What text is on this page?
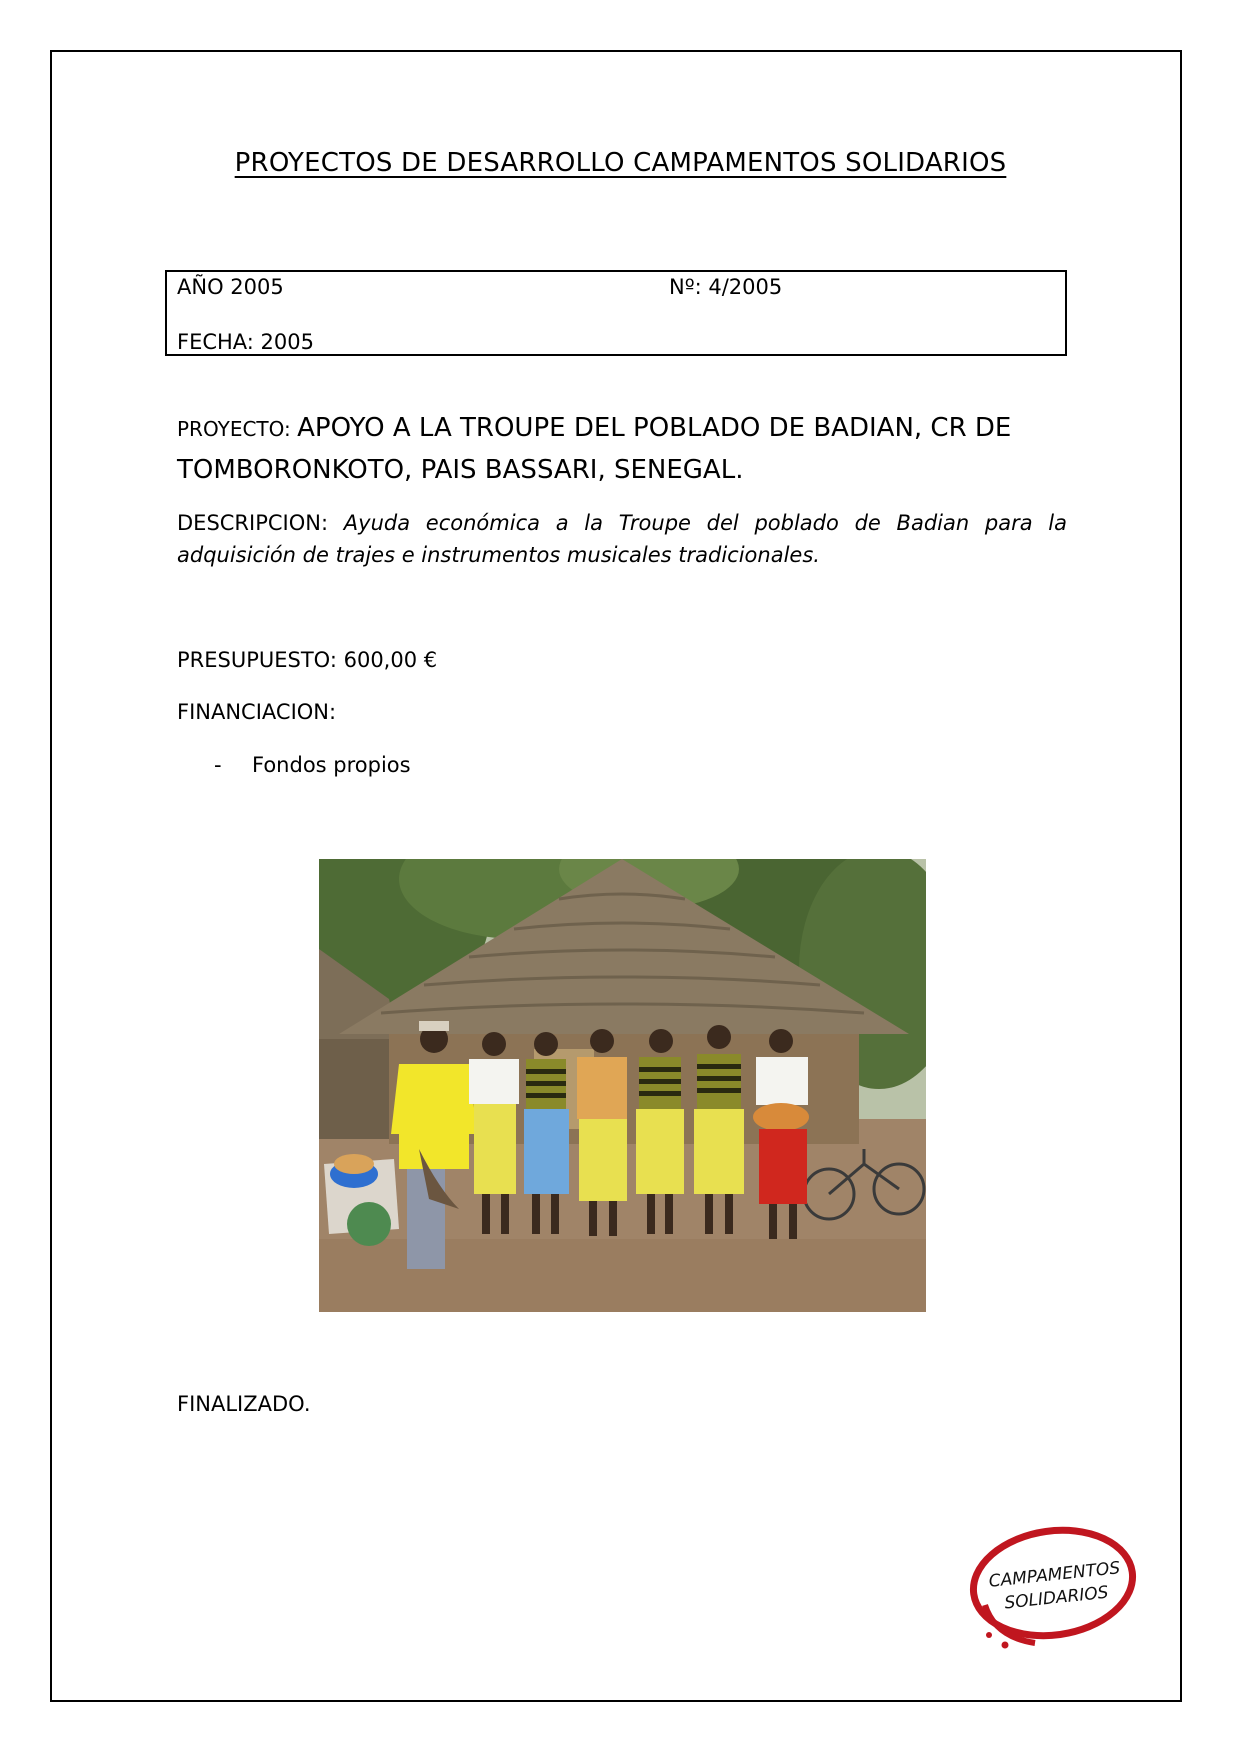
PROYECTOS DE DESARROLLO CAMPAMENTOS SOLIDARIOS
AÑO 2005	Nº: 4/2005
FECHA: 2005
PROYECTO: APOYO A LA TROUPE DEL POBLADO DE BADIAN, CR DE TOMBORONKOTO, PAIS BASSARI, SENEGAL.
DESCRIPCION: Ayuda económica a la Troupe del poblado de Badian para la adquisición de trajes e instrumentos musicales tradicionales.
PRESUPUESTO: 600,00 €
FINANCIACION:
- Fondos propios
FINALIZADO.
CAMPAMENTOS
SOLIDARIOS
